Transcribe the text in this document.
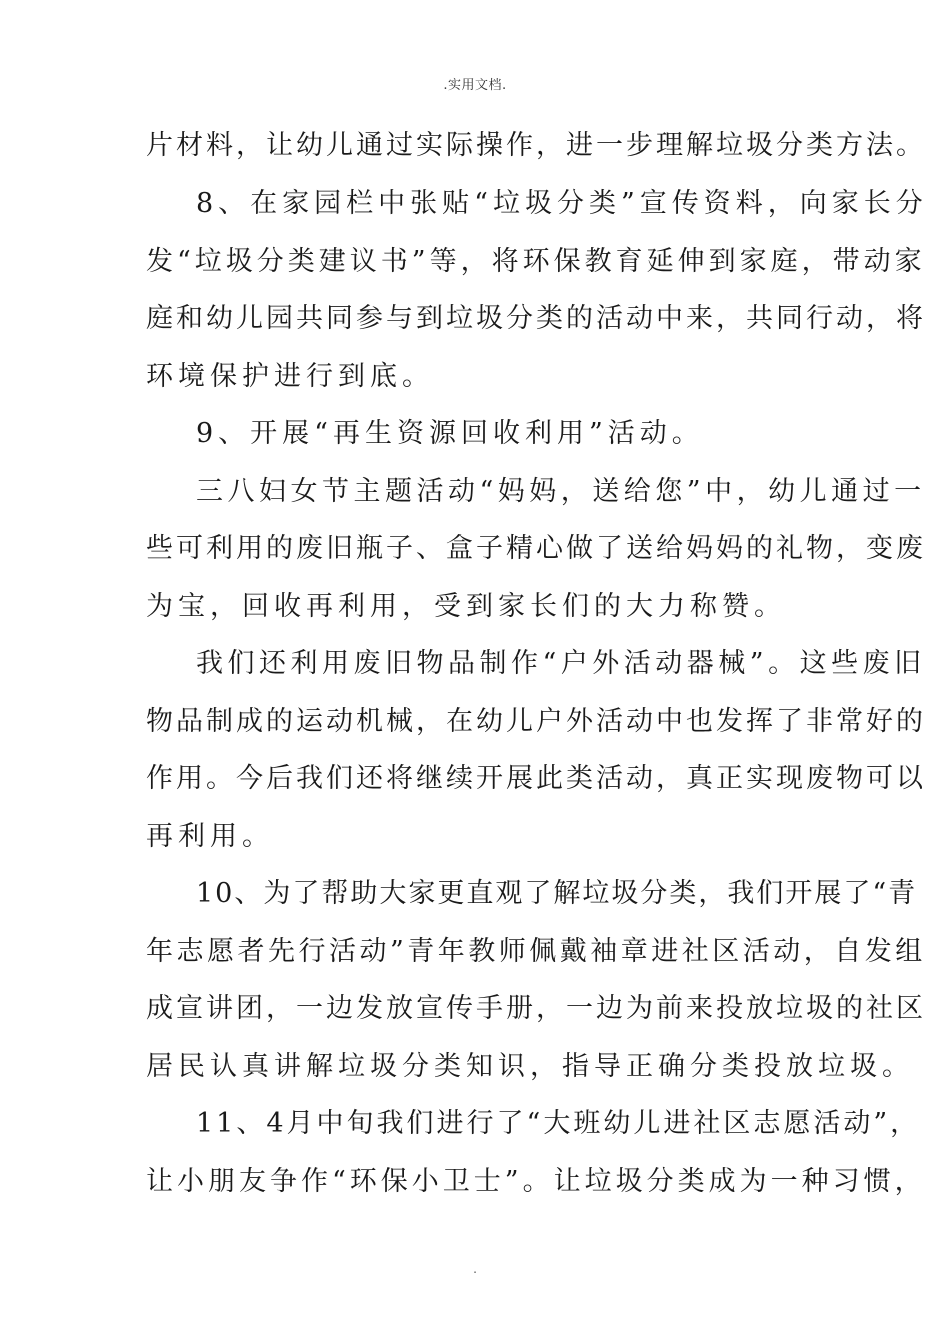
.实用文档.
片材料，让幼儿通过实际操作，进一步理解垃圾分类方法。
8、在家园栏中张贴“垃圾分类”宣传资料，向家长分
发“垃圾分类建议书”等，将环保教育延伸到家庭，带动家
庭和幼儿园共同参与到垃圾分类的活动中来，共同行动，将
环境保护进行到底。
9、开展“再生资源回收利用”活动。
三八妇女节主题活动“妈妈，送给您”中，幼儿通过一
些可利用的废旧瓶子、盒子精心做了送给妈妈的礼物，变废
为宝，回收再利用，受到家长们的大力称赞。
我们还利用废旧物品制作“户外活动器械”。这些废旧
物品制成的运动机械，在幼儿户外活动中也发挥了非常好的
作用。今后我们还将继续开展此类活动，真正实现废物可以
再利用。
10、为了帮助大家更直观了解垃圾分类，我们开展了“青
年志愿者先行活动”青年教师佩戴袖章进社区活动，自发组
成宣讲团，一边发放宣传手册，一边为前来投放垃圾的社区
居民认真讲解垃圾分类知识，指导正确分类投放垃圾。
11、4月中旬我们进行了“大班幼儿进社区志愿活动”，
让小朋友争作“环保小卫士”。让垃圾分类成为一种习惯，
.
